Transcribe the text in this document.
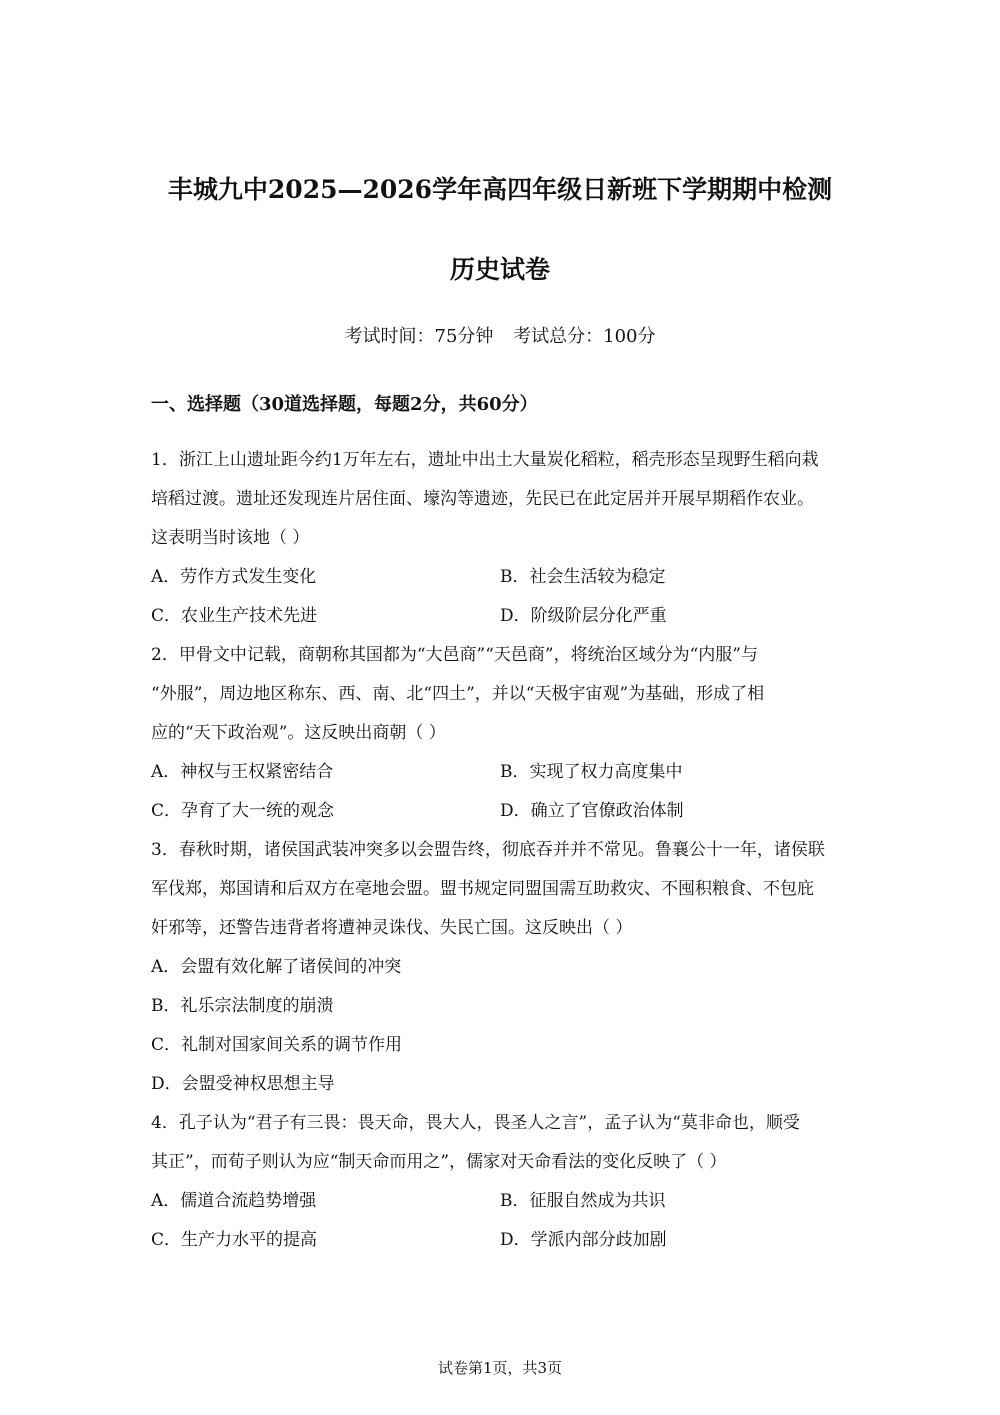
丰城九中2025—2026学年高四年级日新班下学期期中检测
历史试卷
考试时间：75分钟 考试总分：100分
一、选择题（30道选择题，每题2分，共60分）
1．浙江上山遗址距今约1万年左右，遗址中出土大量炭化稻粒，稻壳形态呈现野生稻向栽
培稻过渡。遗址还发现连片居住面、壕沟等遗迹，先民已在此定居并开展早期稻作农业。
这表明当时该地（ ）
A．劳作方式发生变化	B．社会生活较为稳定
C．农业生产技术先进	D．阶级阶层分化严重
2．甲骨文中记载，商朝称其国都为“大邑商”“天邑商”，将统治区域分为“内服”与
“外服”，周边地区称东、西、南、北“四土”，并以“天极宇宙观”为基础，形成了相
应的“天下政治观”。这反映出商朝（ ）
A．神权与王权紧密结合	B．实现了权力高度集中
C．孕育了大一统的观念	D．确立了官僚政治体制
3．春秋时期，诸侯国武装冲突多以会盟告终，彻底吞并并不常见。鲁襄公十一年，诸侯联
军伐郑，郑国请和后双方在亳地会盟。盟书规定同盟国需互助救灾、不囤积粮食、不包庇
奸邪等，还警告违背者将遭神灵诛伐、失民亡国。这反映出（ ）
A．会盟有效化解了诸侯间的冲突
B．礼乐宗法制度的崩溃
C．礼制对国家间关系的调节作用
D．会盟受神权思想主导
4．孔子认为“君子有三畏：畏天命，畏大人，畏圣人之言”，孟子认为“莫非命也，顺受
其正”，而荀子则认为应“制天命而用之”，儒家对天命看法的变化反映了（ ）
A．儒道合流趋势增强	B．征服自然成为共识
C．生产力水平的提高	D．学派内部分歧加剧
试卷第1页，共3页
